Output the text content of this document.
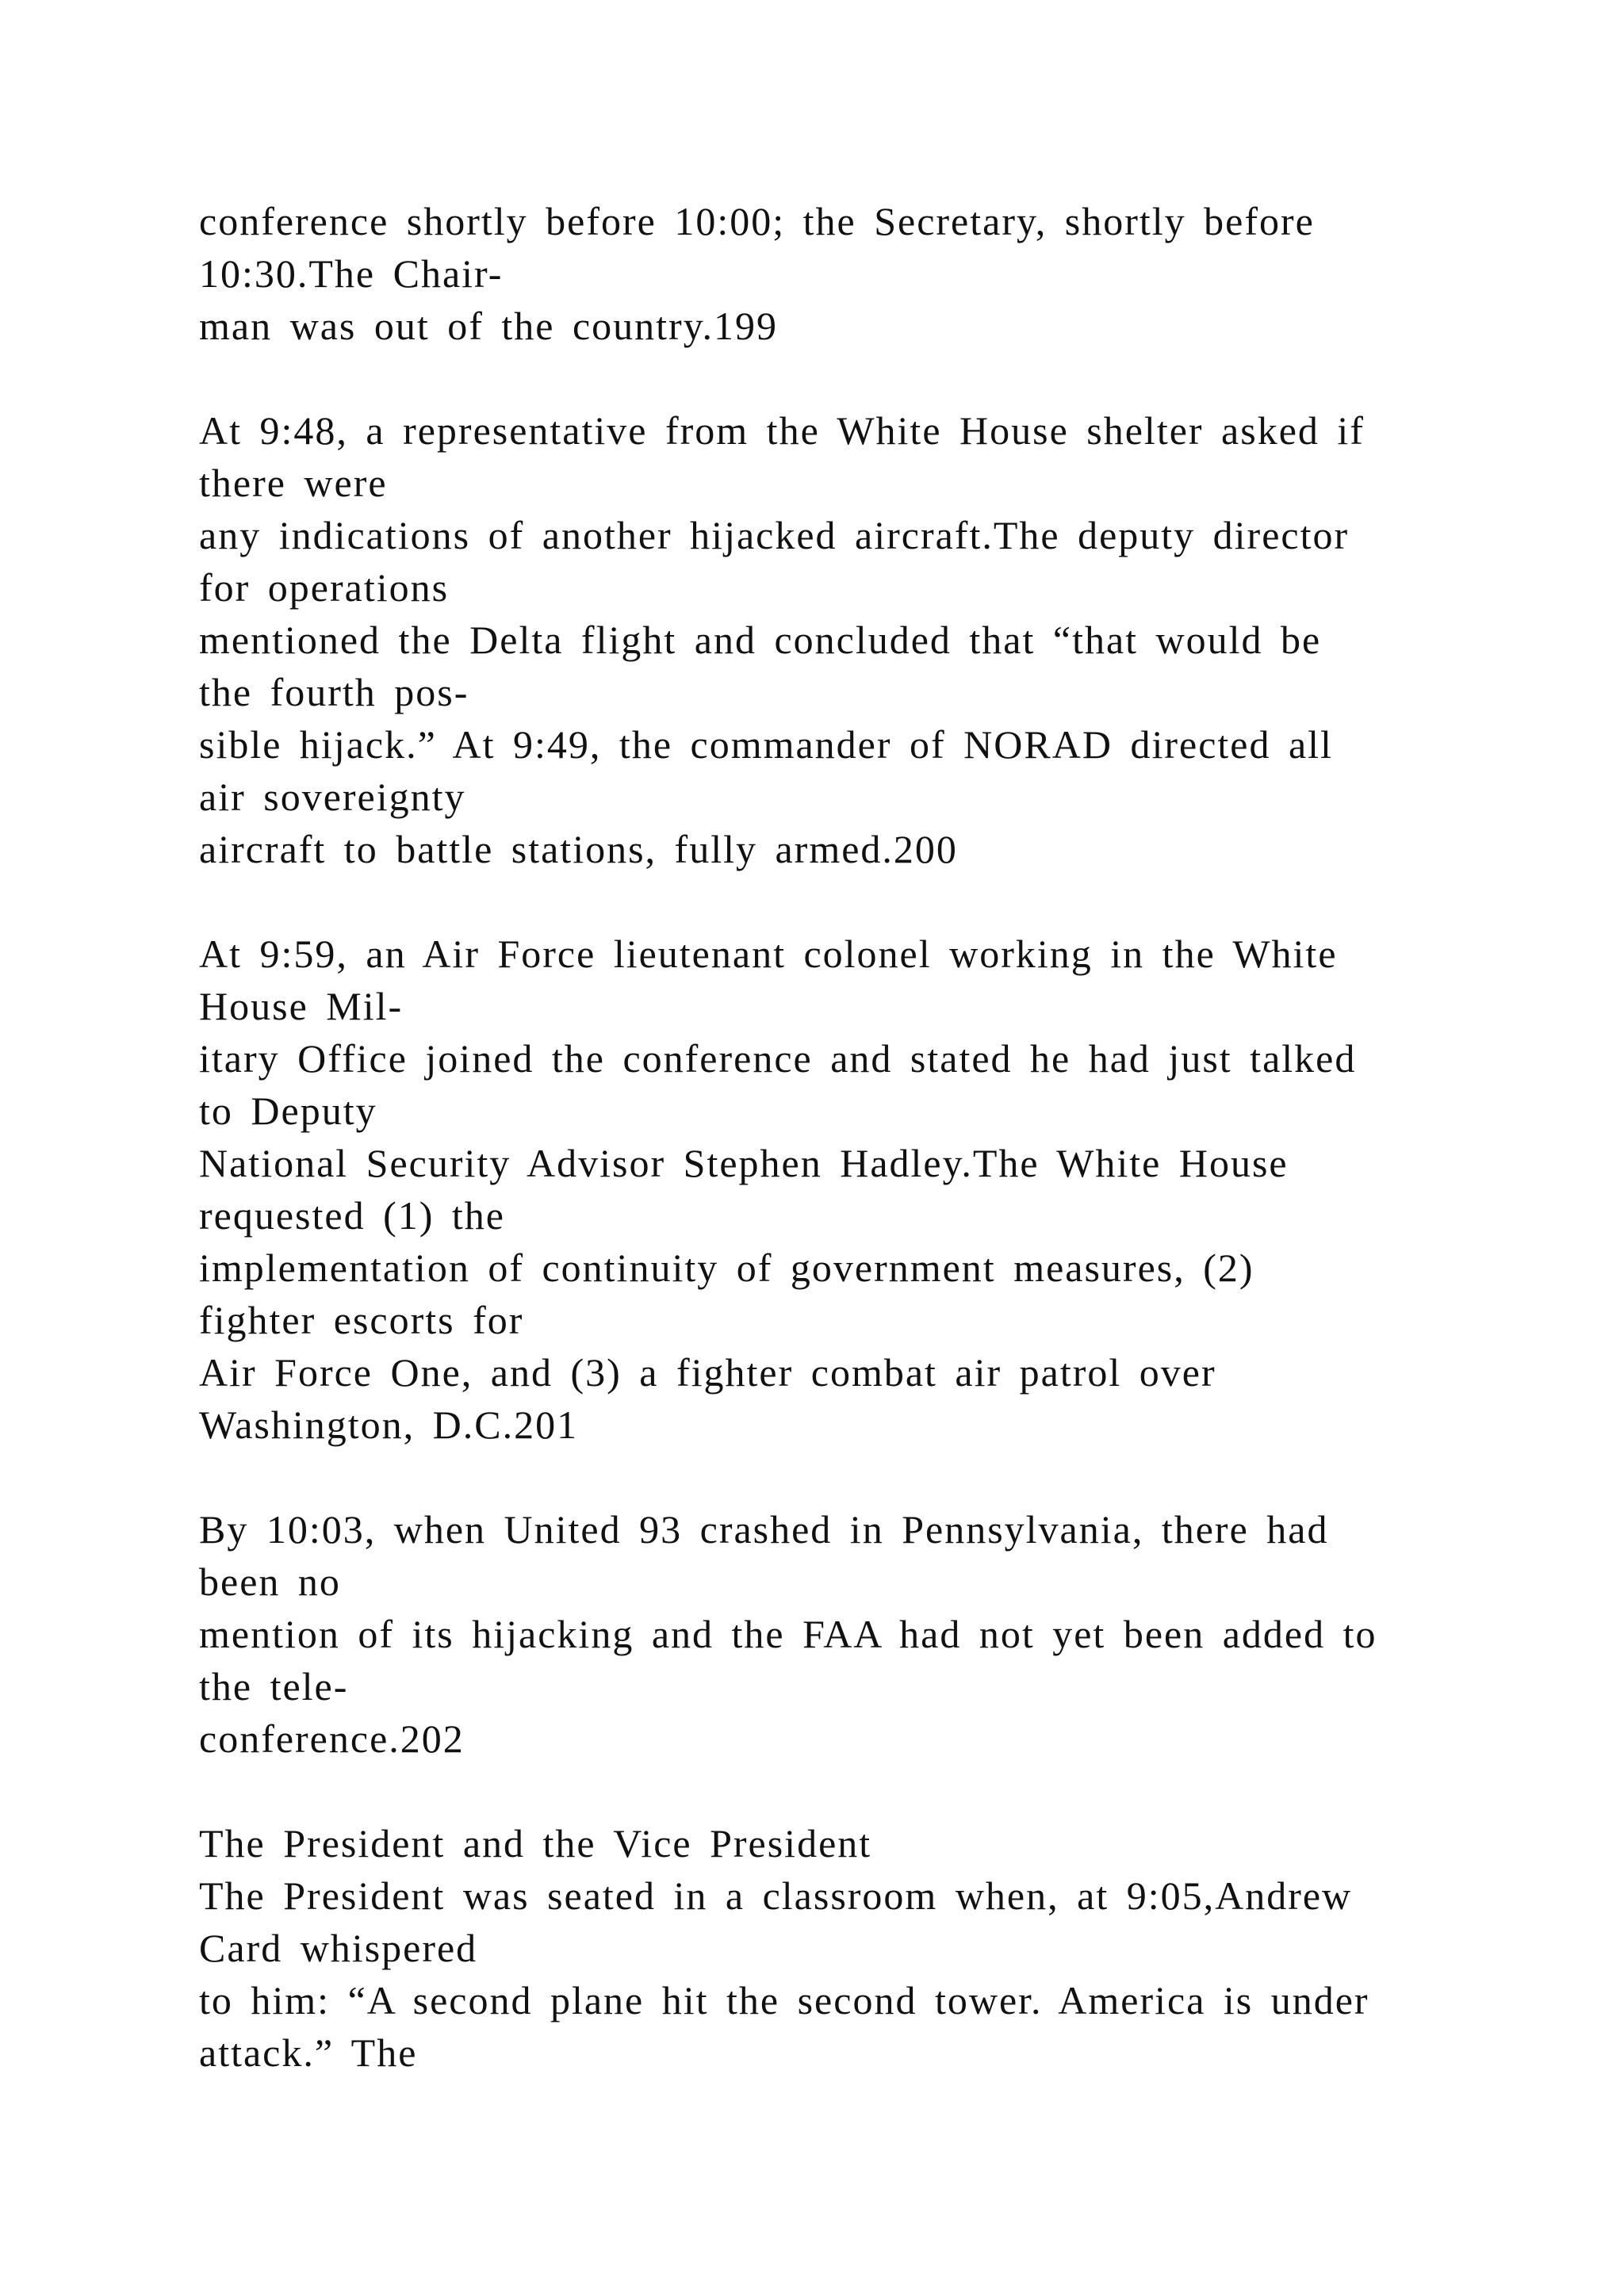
conference shortly before 10:00; the Secretary, shortly before
10:30.The Chair-
man was out of the country.199
At 9:48, a representative from the White House shelter asked if
there were
any indications of another hijacked aircraft.The deputy director
for operations
mentioned the Delta flight and concluded that “that would be
the fourth pos-
sible hijack.” At 9:49, the commander of NORAD directed all
air sovereignty
aircraft to battle stations, fully armed.200
At 9:59, an Air Force lieutenant colonel working in the White
House Mil-
itary Office joined the conference and stated he had just talked
to Deputy
National Security Advisor Stephen Hadley.The White House
requested (1) the
implementation of continuity of government measures, (2)
fighter escorts for
Air Force One, and (3) a fighter combat air patrol over
Washington, D.C.201
By 10:03, when United 93 crashed in Pennsylvania, there had
been no
mention of its hijacking and the FAA had not yet been added to
the tele-
conference.202
The President and the Vice President
The President was seated in a classroom when, at 9:05,Andrew
Card whispered
to him: “A second plane hit the second tower. America is under
attack.” The
